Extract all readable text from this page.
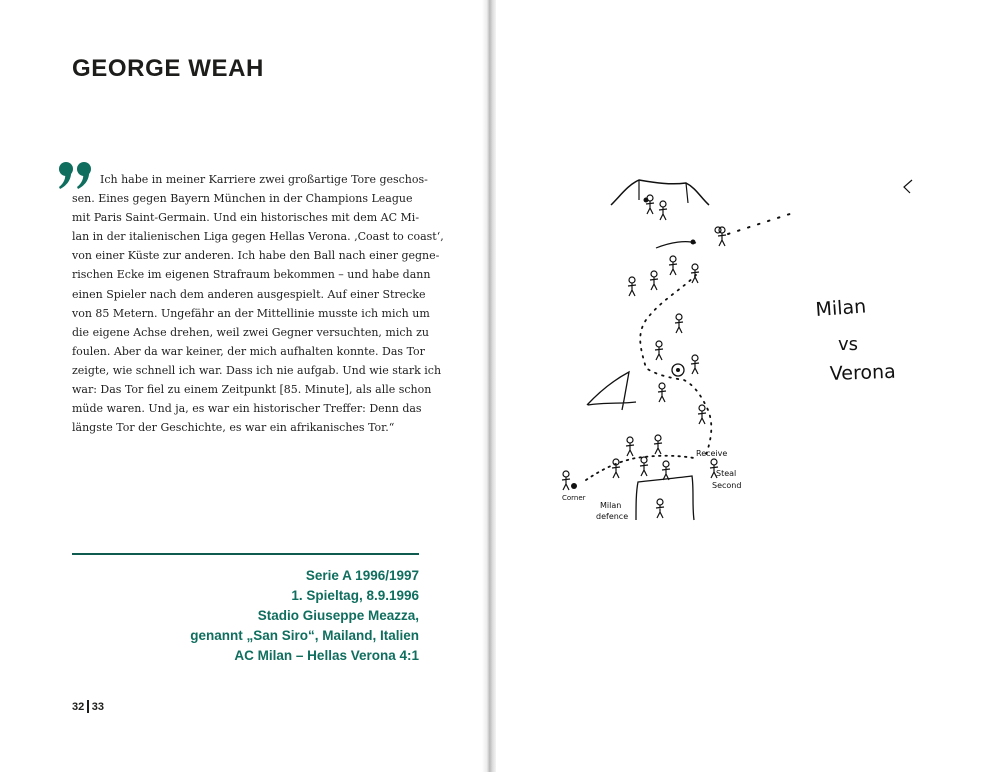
GEORGE WEAH

Ich habe in meiner Karriere zwei großartige Tore geschos-
sen. Eines gegen Bayern München in der Champions League
mit Paris Saint-Germain. Und ein historisches mit dem AC Mi-
lan in der italienischen Liga gegen Hellas Verona. ‚Coast to coast‘,
von einer Küste zur anderen. Ich habe den Ball nach einer gegne-
rischen Ecke im eigenen Strafraum bekommen – und habe dann
einen Spieler nach dem anderen ausgespielt. Auf einer Strecke
von 85 Metern. Ungefähr an der Mittellinie musste ich mich um
die eigene Achse drehen, weil zwei Gegner versuchten, mich zu
foulen. Aber da war keiner, der mich aufhalten konnte. Das Tor
zeigte, wie schnell ich war. Dass ich nie aufgab. Und wie stark ich
war: Das Tor fiel zu einem Zeitpunkt [85. Minute], als alle schon
müde waren. Und ja, es war ein historischer Treffer: Denn das
längste Tor der Geschichte, es war ein afrikanisches Tor.“

Serie A 1996/1997
1. Spieltag, 8.9.1996
Stadio Giuseppe Meazza,
genannt „San Siro“, Mailand, Italien
AC Milan – Hellas Verona 4:1
32 33
Milan
vs
Verona
Receive
Steal
Second
Corner
Milan
defence
